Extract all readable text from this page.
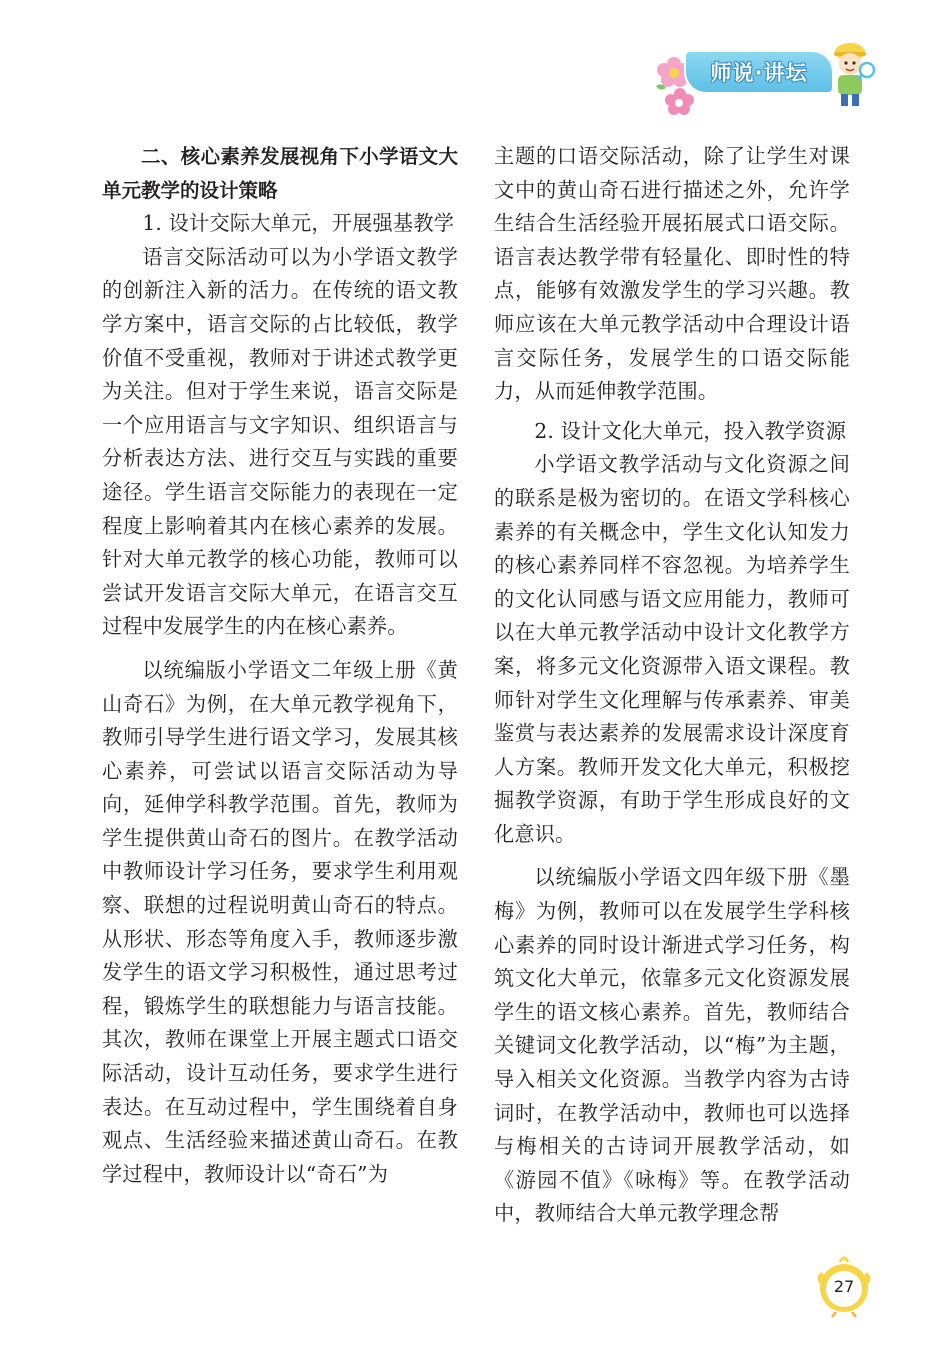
师说·讲坛

二、核心素养发展视角下小学语文大单元教学的设计策略

1. 设计交际大单元，开展强基教学

语言交际活动可以为小学语文教学的创新注入新的活力。在传统的语文教学方案中，语言交际的占比较低，教学价值不受重视，教师对于讲述式教学更为关注。但对于学生来说，语言交际是一个应用语言与文字知识、组织语言与分析表达方法、进行交互与实践的重要途径。学生语言交际能力的表现在一定程度上影响着其内在核心素养的发展。针对大单元教学的核心功能，教师可以尝试开发语言交际大单元，在语言交互过程中发展学生的内在核心素养。

以统编版小学语文二年级上册《黄山奇石》为例，在大单元教学视角下，教师引导学生进行语文学习，发展其核心素养，可尝试以语言交际活动为导向，延伸学科教学范围。首先，教师为学生提供黄山奇石的图片。在教学活动中教师设计学习任务，要求学生利用观察、联想的过程说明黄山奇石的特点。从形状、形态等角度入手，教师逐步激发学生的语文学习积极性，通过思考过程，锻炼学生的联想能力与语言技能。其次，教师在课堂上开展主题式口语交际活动，设计互动任务，要求学生进行表达。在互动过程中，学生围绕着自身观点、生活经验来描述黄山奇石。在教学过程中，教师设计以“奇石”为

主题的口语交际活动，除了让学生对课文中的黄山奇石进行描述之外，允许学生结合生活经验开展拓展式口语交际。语言表达教学带有轻量化、即时性的特点，能够有效激发学生的学习兴趣。教师应该在大单元教学活动中合理设计语言交际任务，发展学生的口语交际能力，从而延伸教学范围。

2. 设计文化大单元，投入教学资源

小学语文教学活动与文化资源之间的联系是极为密切的。在语文学科核心素养的有关概念中，学生文化认知发力的核心素养同样不容忽视。为培养学生的文化认同感与语文应用能力，教师可以在大单元教学活动中设计文化教学方案，将多元文化资源带入语文课程。教师针对学生文化理解与传承素养、审美鉴赏与表达素养的发展需求设计深度育人方案。教师开发文化大单元，积极挖掘教学资源，有助于学生形成良好的文化意识。

以统编版小学语文四年级下册《墨梅》为例，教师可以在发展学生学科核心素养的同时设计渐进式学习任务，构筑文化大单元，依靠多元文化资源发展学生的语文核心素养。首先，教师结合关键词文化教学活动，以“梅”为主题，导入相关文化资源。当教学内容为古诗词时，在教学活动中，教师也可以选择与梅相关的古诗词开展教学活动，如《游园不值》《咏梅》等。在教学活动中，教师结合大单元教学理念帮

27
